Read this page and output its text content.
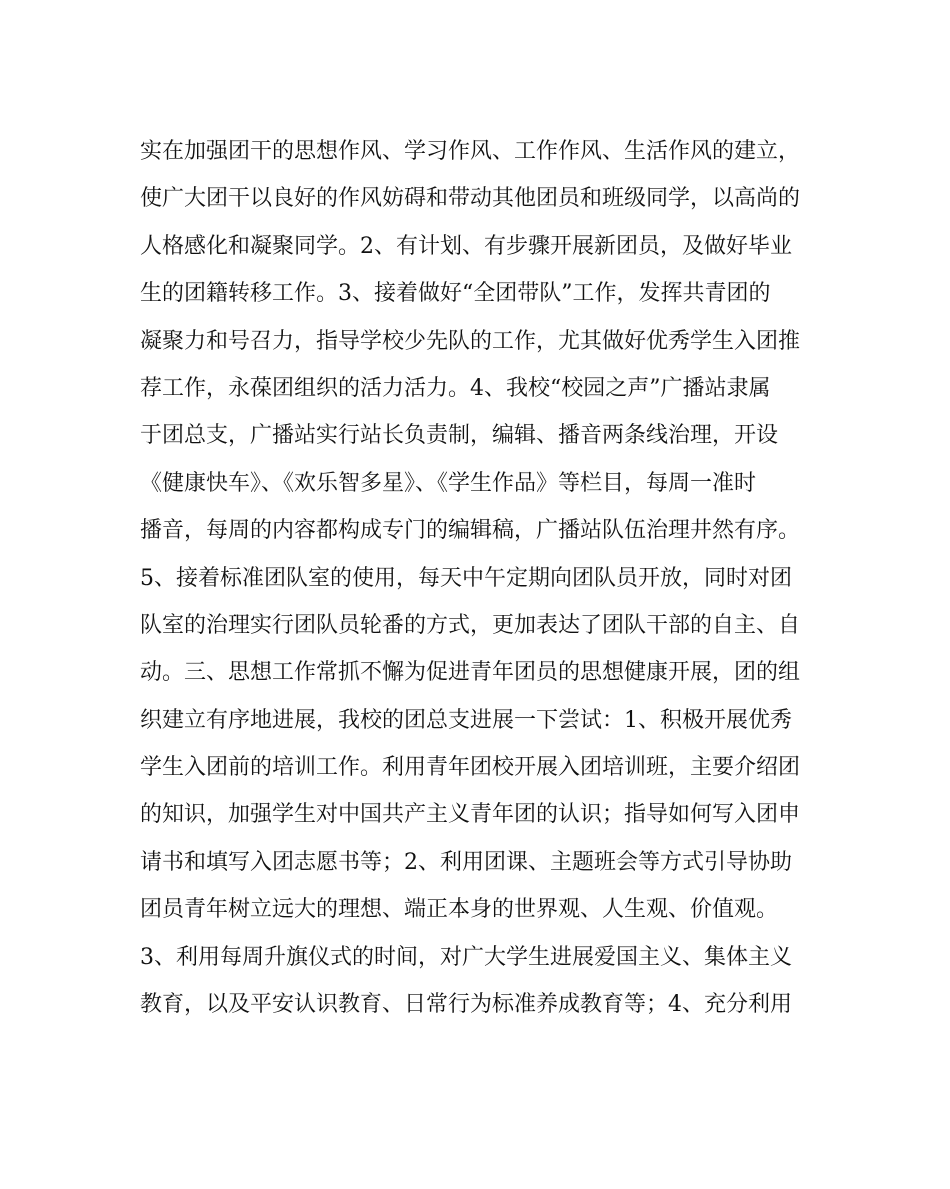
实在加强团干的思想作风、学习作风、工作作风、生活作风的建立，
使广大团干以良好的作风妨碍和带动其他团员和班级同学，以高尚的
人格感化和凝聚同学。2、有计划、有步骤开展新团员，及做好毕业
生的团籍转移工作。3、接着做好“全团带队”工作，发挥共青团的
凝聚力和号召力，指导学校少先队的工作，尤其做好优秀学生入团推
荐工作，永葆团组织的活力活力。4、我校“校园之声”广播站隶属
于团总支，广播站实行站长负责制，编辑、播音两条线治理，开设
《健康快车》、《欢乐智多星》、《学生作品》等栏目，每周一准时
播音，每周的内容都构成专门的编辑稿，广播站队伍治理井然有序。
5、接着标准团队室的使用，每天中午定期向团队员开放，同时对团
队室的治理实行团队员轮番的方式，更加表达了团队干部的自主、自
动。三、思想工作常抓不懈为促进青年团员的思想健康开展，团的组
织建立有序地进展，我校的团总支进展一下尝试：1、积极开展优秀
学生入团前的培训工作。利用青年团校开展入团培训班，主要介绍团
的知识，加强学生对中国共产主义青年团的认识；指导如何写入团申
请书和填写入团志愿书等；2、利用团课、主题班会等方式引导协助
团员青年树立远大的理想、端正本身的世界观、人生观、价值观。
3、利用每周升旗仪式的时间，对广大学生进展爱国主义、集体主义
教育，以及平安认识教育、日常行为标准养成教育等；4、充分利用
